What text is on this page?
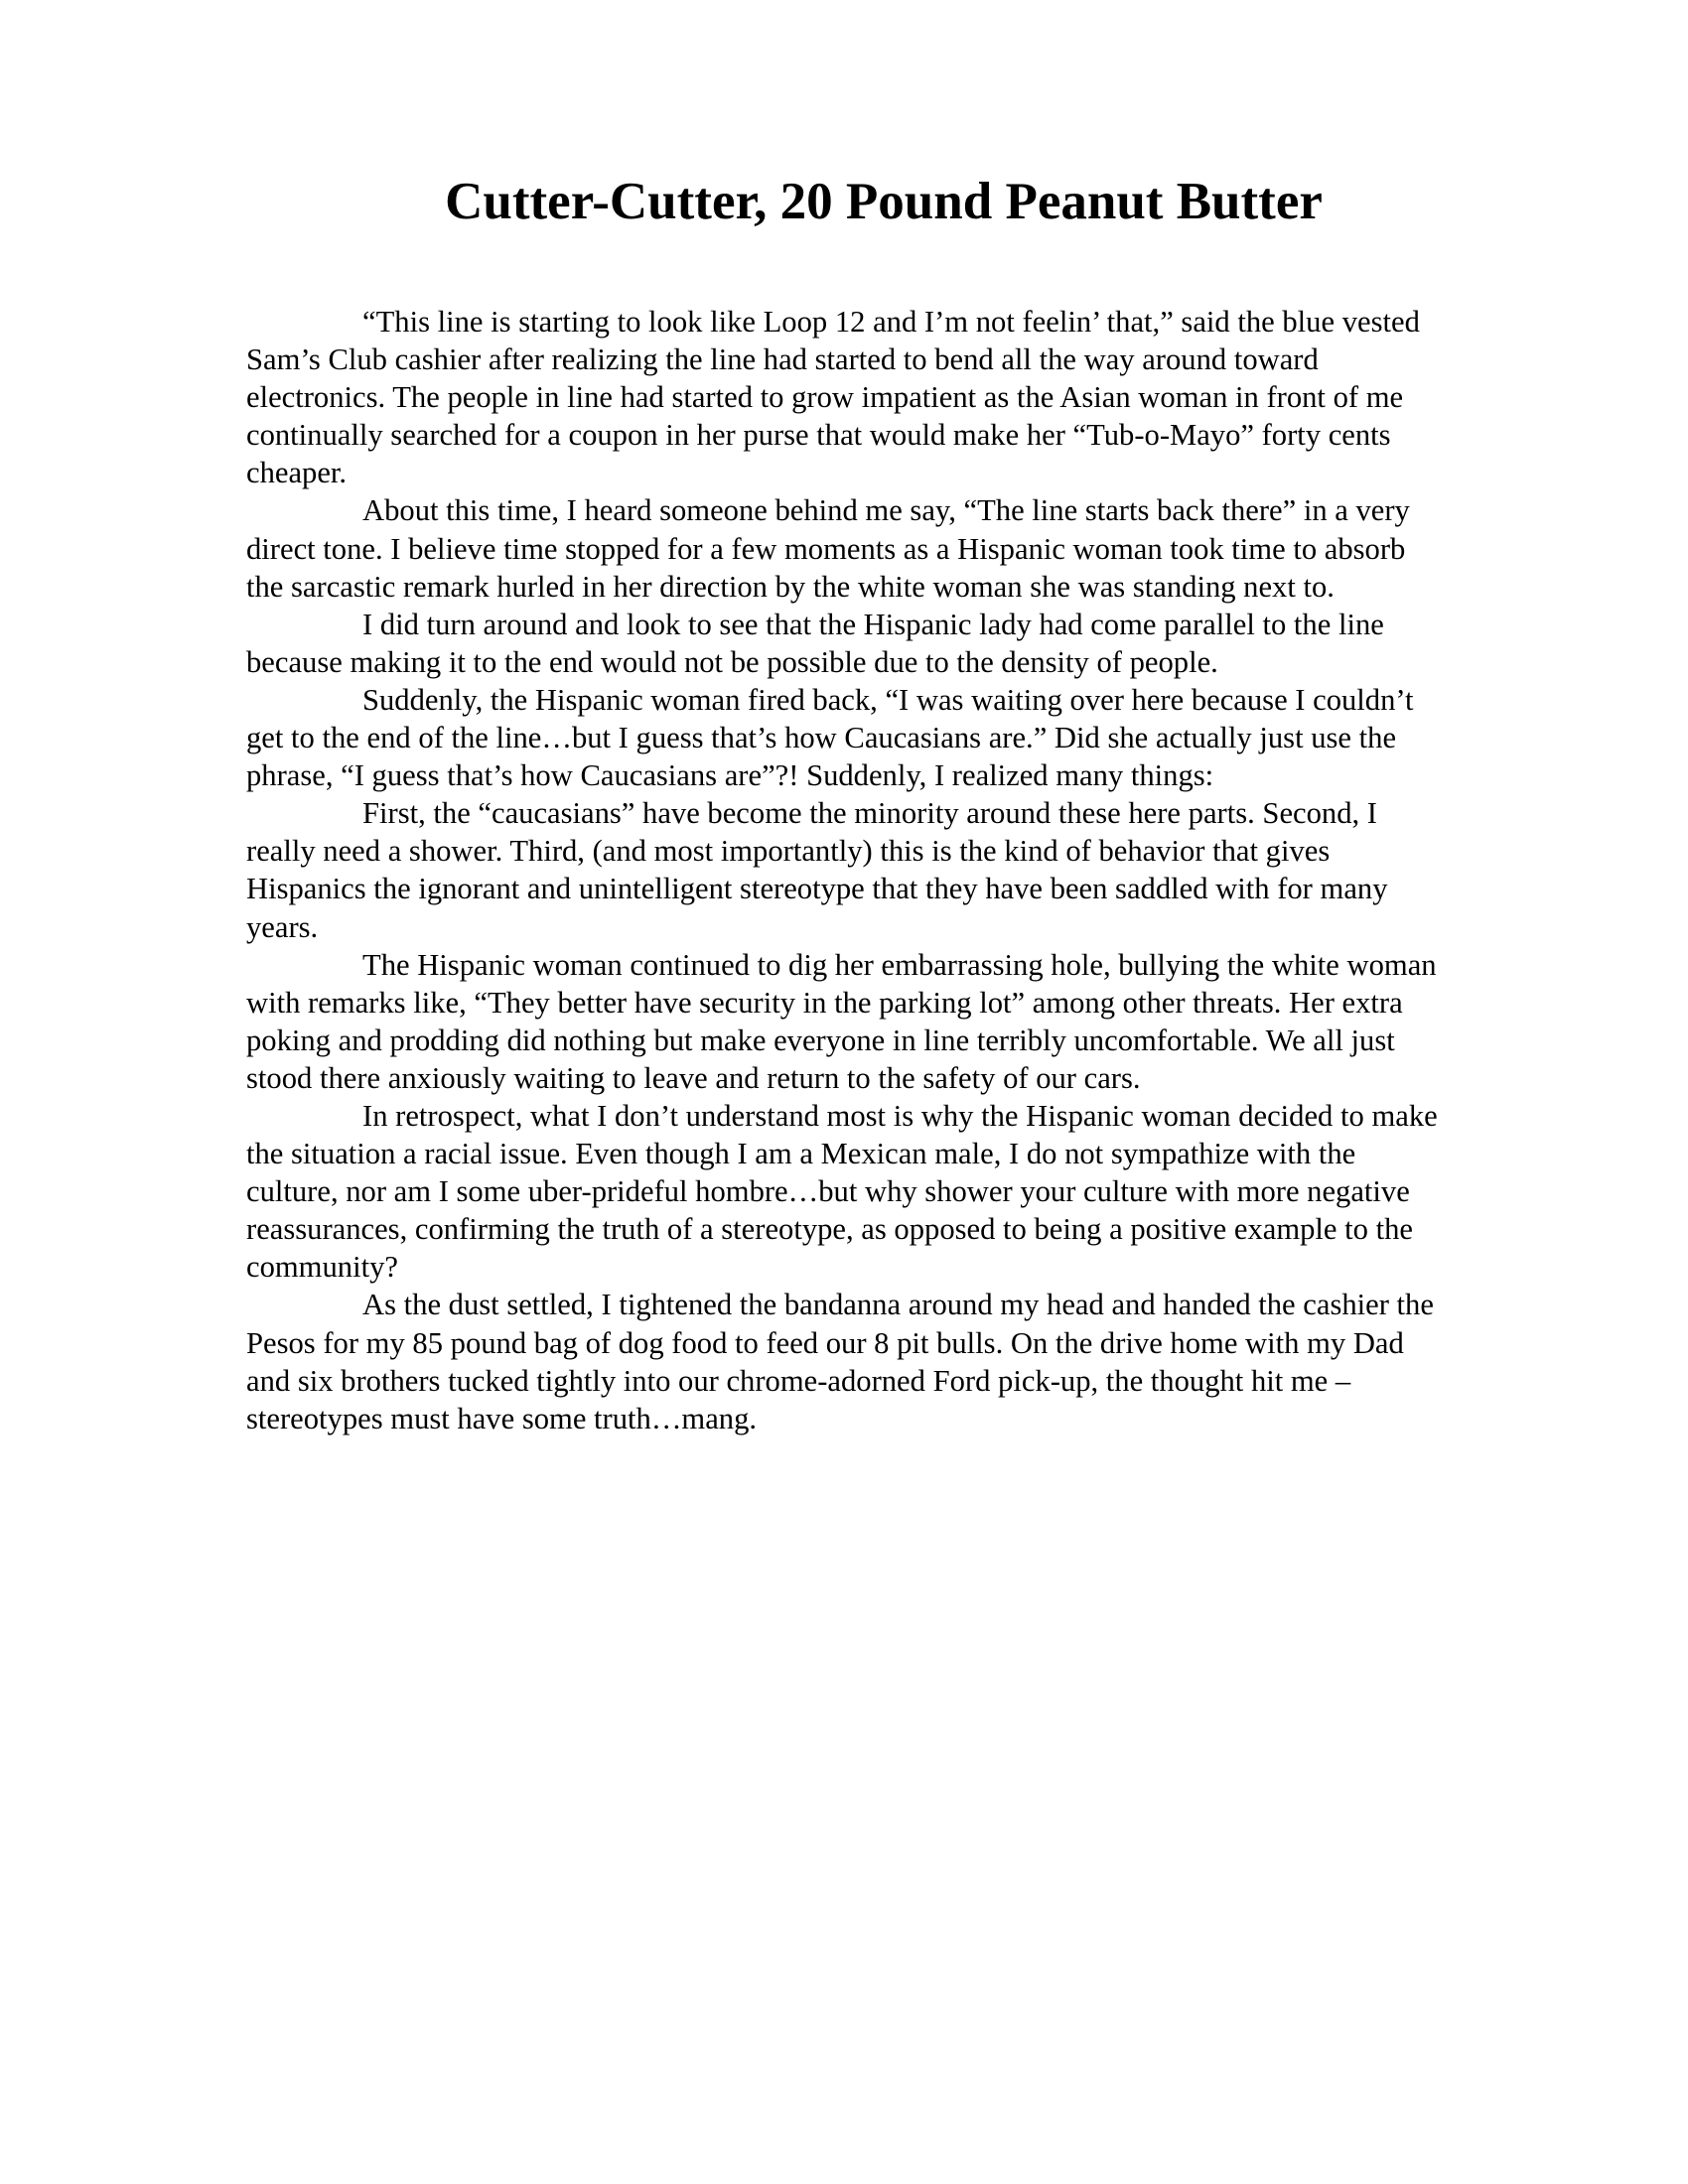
Cutter-Cutter, 20 Pound Peanut Butter

“This line is starting to look like Loop 12 and I’m not feelin’ that,” said the blue vested Sam’s Club cashier after realizing the line had started to bend all the way around toward electronics. The people in line had started to grow impatient as the Asian woman in front of me continually searched for a coupon in her purse that would make her “Tub-o-Mayo” forty cents cheaper.

About this time, I heard someone behind me say, “The line starts back there” in a very direct tone. I believe time stopped for a few moments as a Hispanic woman took time to absorb the sarcastic remark hurled in her direction by the white woman she was standing next to.

I did turn around and look to see that the Hispanic lady had come parallel to the line because making it to the end would not be possible due to the density of people.

Suddenly, the Hispanic woman fired back, “I was waiting over here because I couldn’t get to the end of the line…but I guess that’s how Caucasians are.” Did she actually just use the phrase, “I guess that’s how Caucasians are”?! Suddenly, I realized many things:

First, the “caucasians” have become the minority around these here parts. Second, I really need a shower. Third, (and most importantly) this is the kind of behavior that gives Hispanics the ignorant and unintelligent stereotype that they have been saddled with for many years.

The Hispanic woman continued to dig her embarrassing hole, bullying the white woman with remarks like, “They better have security in the parking lot” among other threats. Her extra poking and prodding did nothing but make everyone in line terribly uncomfortable. We all just stood there anxiously waiting to leave and return to the safety of our cars.

In retrospect, what I don’t understand most is why the Hispanic woman decided to make the situation a racial issue. Even though I am a Mexican male, I do not sympathize with the culture, nor am I some uber-prideful hombre…but why shower your culture with more negative reassurances, confirming the truth of a stereotype, as opposed to being a positive example to the community?

As the dust settled, I tightened the bandanna around my head and handed the cashier the Pesos for my 85 pound bag of dog food to feed our 8 pit bulls. On the drive home with my Dad and six brothers tucked tightly into our chrome-adorned Ford pick-up, the thought hit me – stereotypes must have some truth…mang.
